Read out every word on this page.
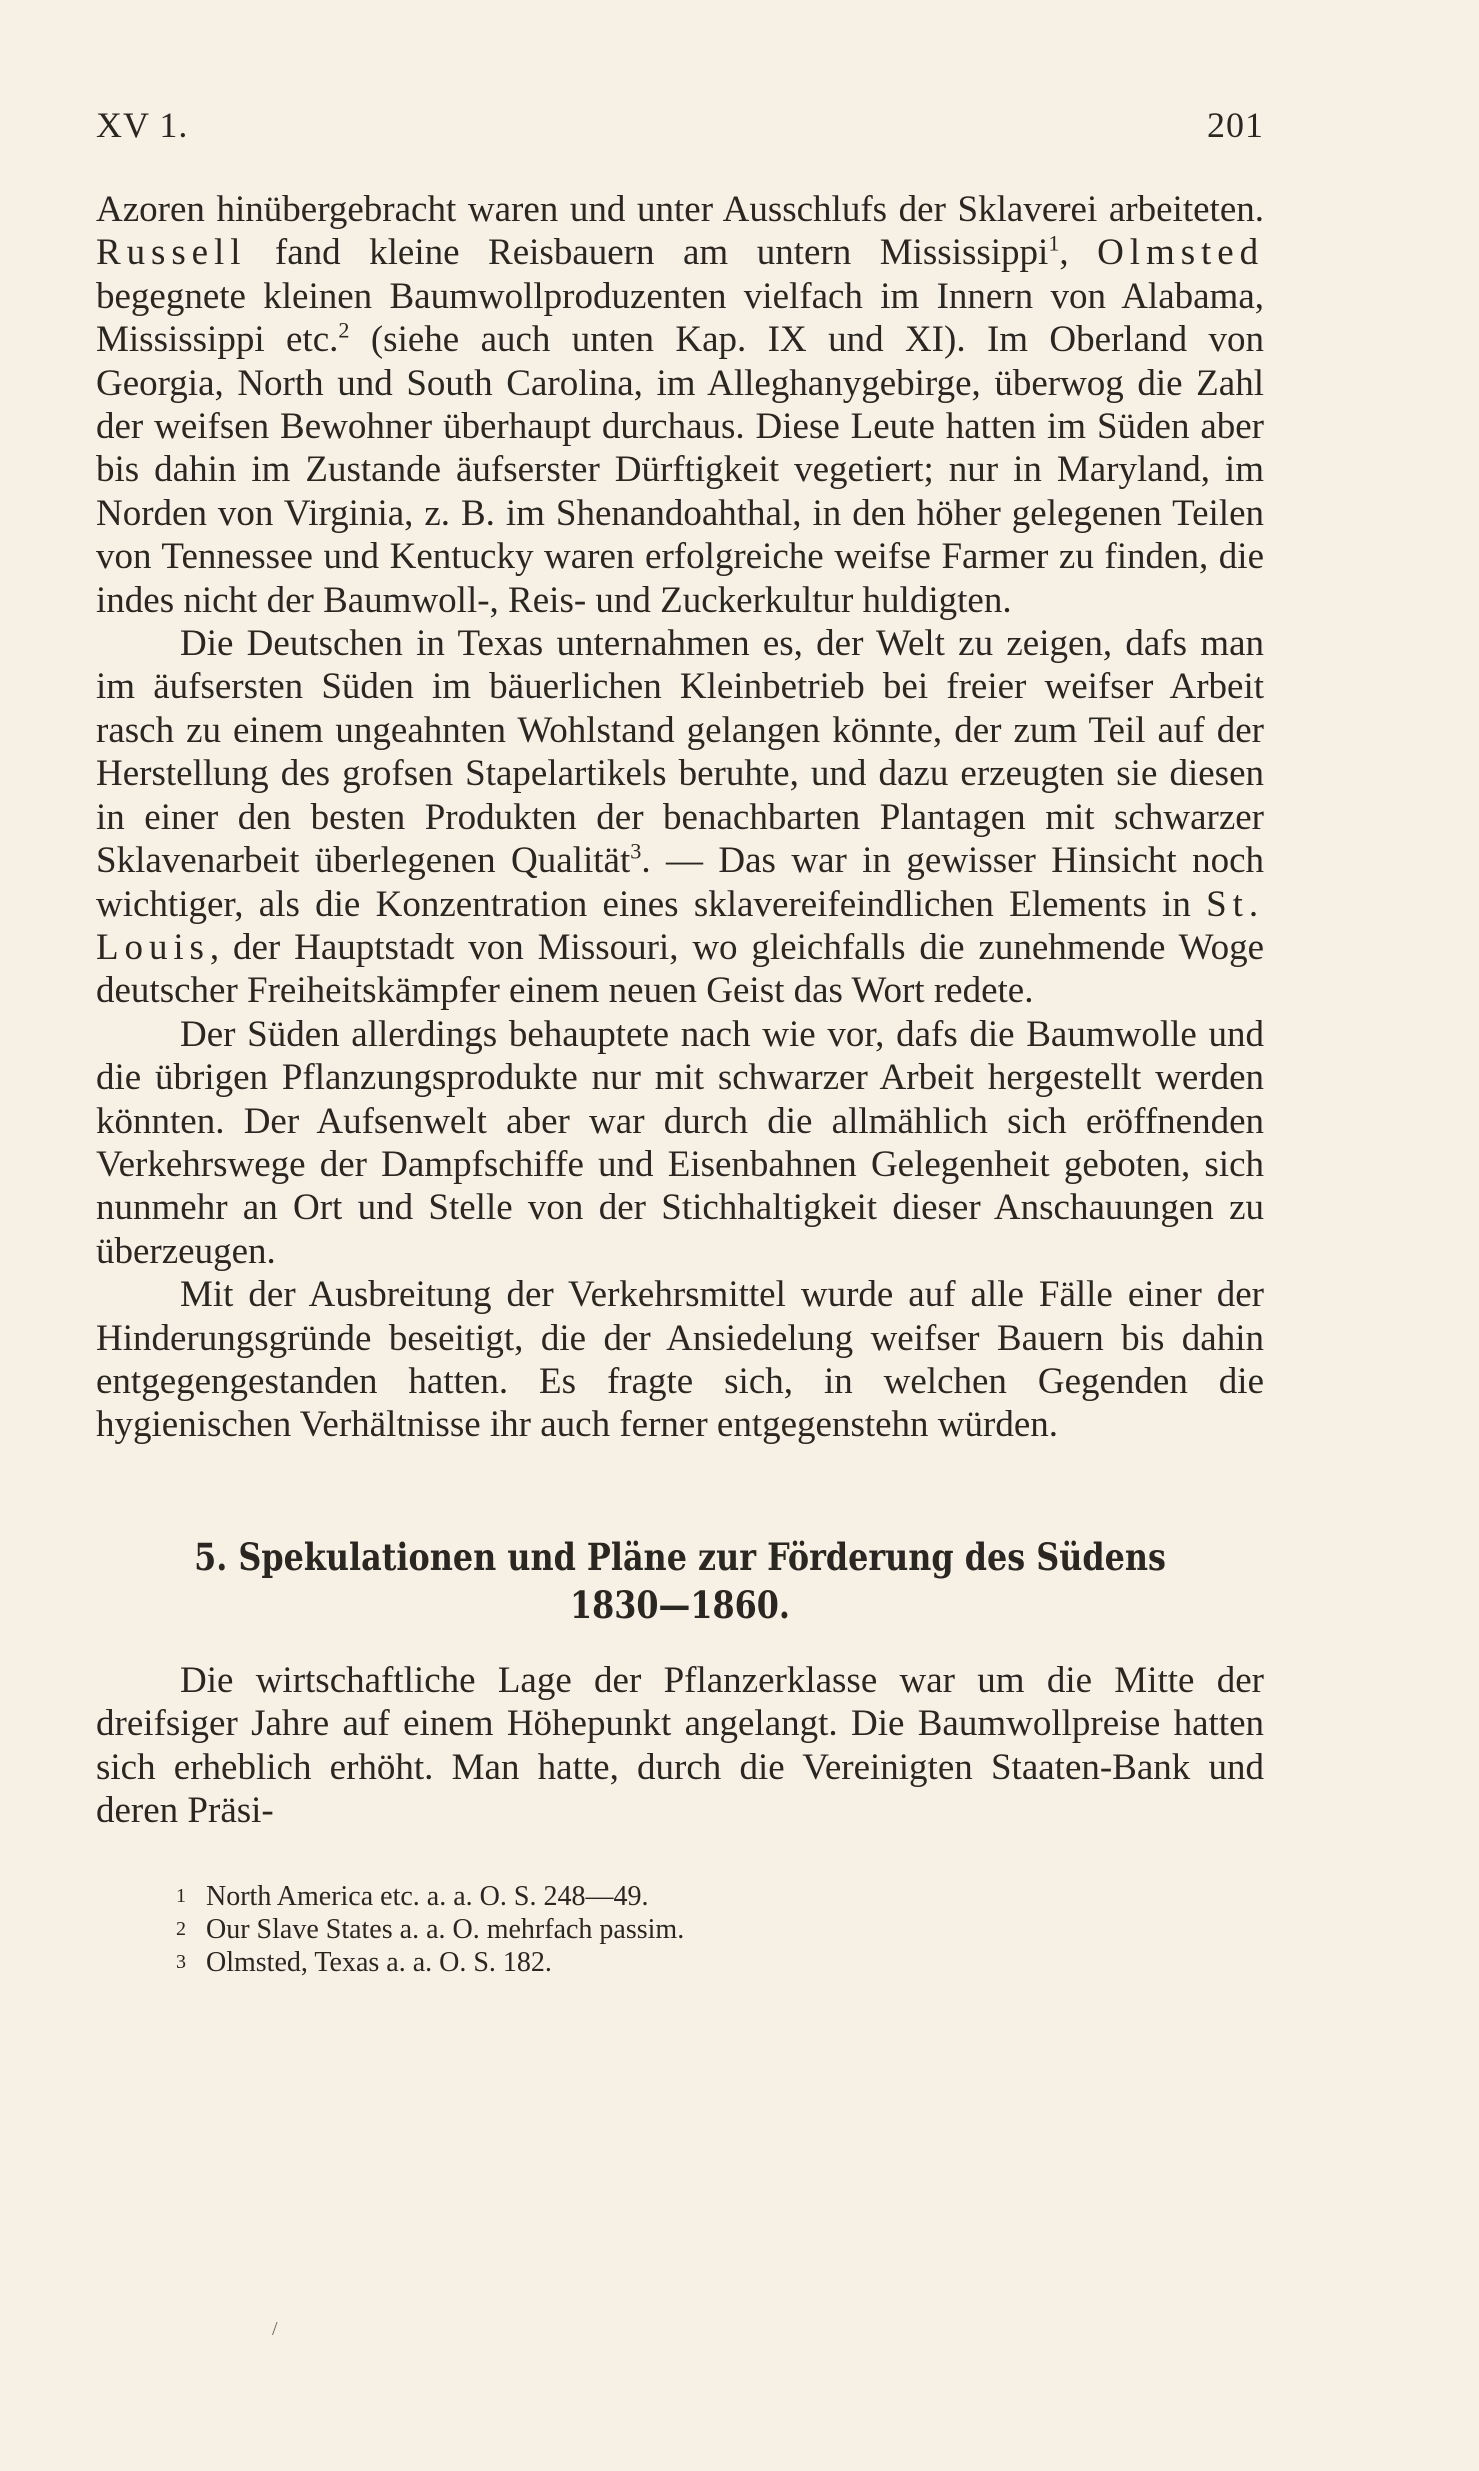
XV 1.	201

Azoren hinübergebracht waren und unter Ausschlufs der Sklaverei arbeiteten. Russell fand kleine Reisbauern am untern Mississippi$^1$, Olmsted begegnete kleinen Baumwollproduzenten vielfach im Innern von Alabama, Mississippi etc.$^2$ (siehe auch unten Kap. IX und XI). Im Oberland von Georgia, North und South Carolina, im Alleghanygebirge, überwog die Zahl der weifsen Bewohner überhaupt durchaus. Diese Leute hatten im Süden aber bis dahin im Zustande äufserster Dürftigkeit vegetiert; nur in Maryland, im Norden von Virginia, z. B. im Shenandoahthal, in den höher gelegenen Teilen von Tennessee und Kentucky waren erfolgreiche weifse Farmer zu finden, die indes nicht der Baumwoll-, Reis- und Zuckerkultur huldigten.

Die Deutschen in Texas unternahmen es, der Welt zu zeigen, dafs man im äufsersten Süden im bäuerlichen Kleinbetrieb bei freier weifser Arbeit rasch zu einem ungeahnten Wohlstand gelangen könnte, der zum Teil auf der Herstellung des grofsen Stapelartikels beruhte, und dazu erzeugten sie diesen in einer den besten Produkten der benachbarten Plantagen mit schwarzer Sklavenarbeit überlegenen Qualität$^3$. — Das war in gewisser Hinsicht noch wichtiger, als die Konzentration eines sklavereifeindlichen Elements in St. Louis, der Hauptstadt von Missouri, wo gleichfalls die zunehmende Woge deutscher Freiheitskämpfer einem neuen Geist das Wort redete.

Der Süden allerdings behauptete nach wie vor, dafs die Baumwolle und die übrigen Pflanzungsprodukte nur mit schwarzer Arbeit hergestellt werden könnten. Der Aufsenwelt aber war durch die allmählich sich eröffnenden Verkehrswege der Dampfschiffe und Eisenbahnen Gelegenheit geboten, sich nunmehr an Ort und Stelle von der Stichhaltigkeit dieser Anschauungen zu überzeugen.

Mit der Ausbreitung der Verkehrsmittel wurde auf alle Fälle einer der Hinderungsgründe beseitigt, die der Ansiedelung weifser Bauern bis dahin entgegengestanden hatten. Es fragte sich, in welchen Gegenden die hygienischen Verhältnisse ihr auch ferner entgegenstehn würden.

5. Spekulationen und Pläne zur Förderung des Südens
1830—1860.

Die wirtschaftliche Lage der Pflanzerklasse war um die Mitte der dreifsiger Jahre auf einem Höhepunkt angelangt. Die Baumwollpreise hatten sich erheblich erhöht. Man hatte, durch die Vereinigten Staaten-Bank und deren Präsi-

1 North America etc. a. a. O. S. 248—49.
2 Our Slave States a. a. O. mehrfach passim.
3 Olmsted, Texas a. a. O. S. 182.
/
